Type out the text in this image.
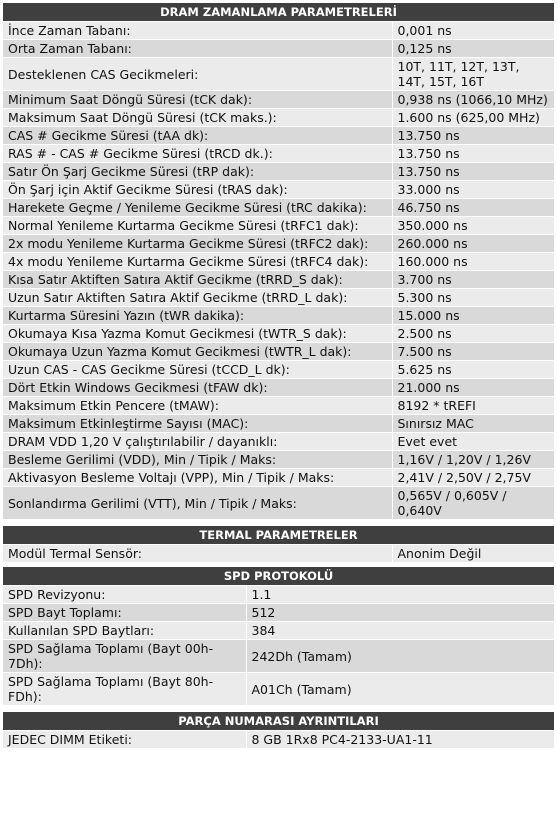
DRAM ZAMANLAMA PARAMETRELERİ
İnce Zaman Tabanı:	0,001 ns
Orta Zaman Tabanı:	0,125 ns
Desteklenen CAS Gecikmeleri:	10T, 11T, 12T, 13T, 14T, 15T, 16T
Minimum Saat Döngü Süresi (tCK dak):	0,938 ns (1066,10 MHz)
Maksimum Saat Döngü Süresi (tCK maks.):	1.600 ns (625,00 MHz)
CAS # Gecikme Süresi (tAA dk):	13.750 ns
RAS # - CAS # Gecikme Süresi (tRCD dk.):	13.750 ns
Satır Ön Şarj Gecikme Süresi (tRP dak):	13.750 ns
Ön Şarj için Aktif Gecikme Süresi (tRAS dak):	33.000 ns
Harekete Geçme / Yenileme Gecikme Süresi (tRC dakika):	46.750 ns
Normal Yenileme Kurtarma Gecikme Süresi (tRFC1 dak):	350.000 ns
2x modu Yenileme Kurtarma Gecikme Süresi (tRFC2 dak):	260.000 ns
4x modu Yenileme Kurtarma Gecikme Süresi (tRFC4 dak):	160.000 ns
Kısa Satır Aktiften Satıra Aktif Gecikme (tRRD_S dak):	3.700 ns
Uzun Satır Aktiften Satıra Aktif Gecikme (tRRD_L dak):	5.300 ns
Kurtarma Süresini Yazın (tWR dakika):	15.000 ns
Okumaya Kısa Yazma Komut Gecikmesi (tWTR_S dak):	2.500 ns
Okumaya Uzun Yazma Komut Gecikmesi (tWTR_L dak):	7.500 ns
Uzun CAS - CAS Gecikme Süresi (tCCD_L dk):	5.625 ns
Dört Etkin Windows Gecikmesi (tFAW dk):	21.000 ns
Maksimum Etkin Pencere (tMAW):	8192 * tREFI
Maksimum Etkinleştirme Sayısı (MAC):	Sınırsız MAC
DRAM VDD 1,20 V çalıştırılabilir / dayanıklı:	Evet evet
Besleme Gerilimi (VDD), Min / Tipik / Maks:	1,16V / 1,20V / 1,26V
Aktivasyon Besleme Voltajı (VPP), Min / Tipik / Maks:	2,41V / 2,50V / 2,75V
Sonlandırma Gerilimi (VTT), Min / Tipik / Maks:	0,565V / 0,605V / 0,640V
TERMAL PARAMETRELER
Modül Termal Sensör:	Anonim Değil
SPD PROTOKOLÜ
SPD Revizyonu:	1.1
SPD Bayt Toplamı:	512
Kullanılan SPD Baytları:	384
SPD Sağlama Toplamı (Bayt 00h-7Dh):	242Dh (Tamam)
SPD Sağlama Toplamı (Bayt 80h-FDh):	A01Ch (Tamam)
PARÇA NUMARASI AYRINTILARI
JEDEC DIMM Etiketi:	8 GB 1Rx8 PC4-2133-UA1-11
